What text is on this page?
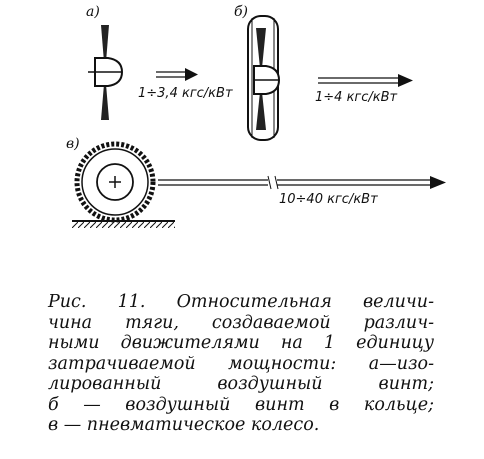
а)	б)
в)
1÷3,4 кгс/кВт	1÷4 кгс/кВт
10÷40 кгс/кВт
Рис. 11. Относительная величи-
чина тяги, создаваемой различ-
ными движителями на 1 единицу
затрачиваемой мощности: а—изо-
лированный воздушный винт;
б — воздушный винт в кольце;
в — пневматическое колесо.
